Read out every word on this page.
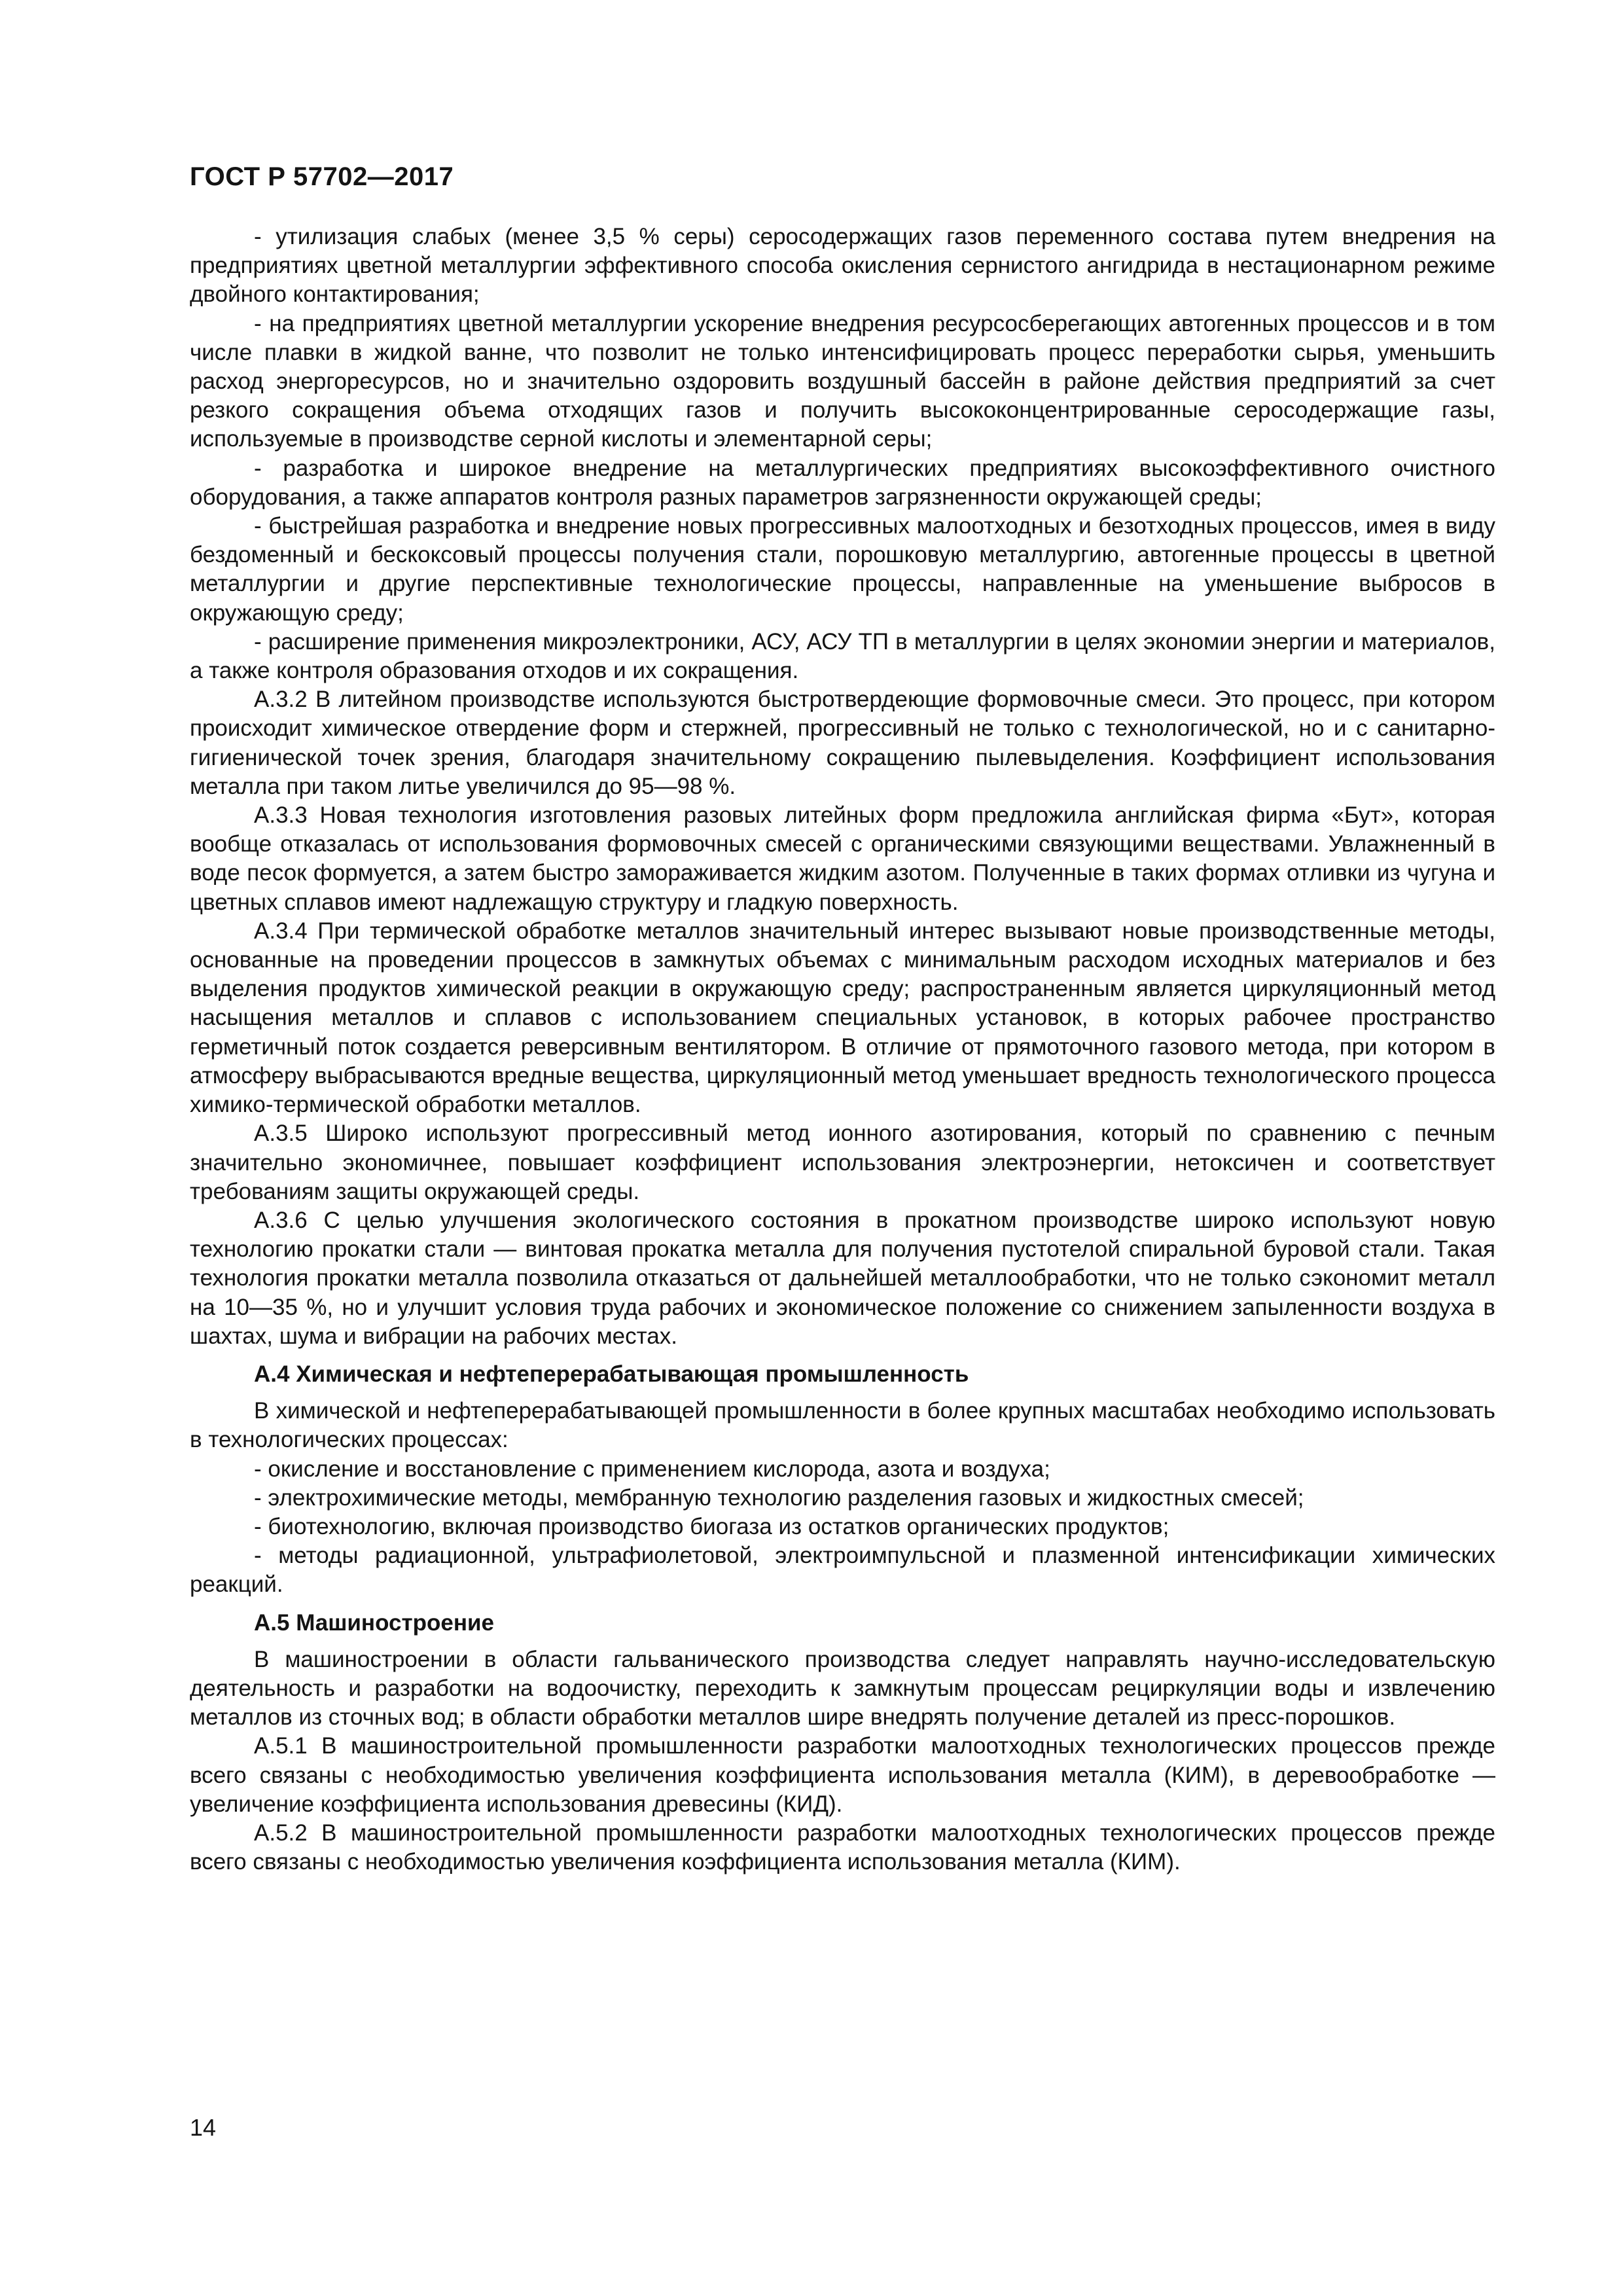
ГОСТ Р 57702—2017

- утилизация слабых (менее 3,5 % серы) серосодержащих газов переменного состава путем внедрения на предприятиях цветной металлургии эффективного способа окисления сернистого ангидрида в нестационарном режиме двойного контактирования;

- на предприятиях цветной металлургии ускорение внедрения ресурсосберегающих автогенных процессов и в том числе плавки в жидкой ванне, что позволит не только интенсифицировать процесс переработки сырья, уменьшить расход энергоресурсов, но и значительно оздоровить воздушный бассейн в районе действия предприятий за счет резкого сокращения объема отходящих газов и получить высококонцентрированные серосодержащие газы, используемые в производстве серной кислоты и элементарной серы;

- разработка и широкое внедрение на металлургических предприятиях высокоэффективного очистного оборудования, а также аппаратов контроля разных параметров загрязненности окружающей среды;

- быстрейшая разработка и внедрение новых прогрессивных малоотходных и безотходных процессов, имея в виду бездоменный и бескоксовый процессы получения стали, порошковую металлургию, автогенные процессы в цветной металлургии и другие перспективные технологические процессы, направленные на уменьшение выбросов в окружающую среду;

- расширение применения микроэлектроники, АСУ, АСУ ТП в металлургии в целях экономии энергии и материалов, а также контроля образования отходов и их сокращения.

А.3.2 В литейном производстве используются быстротвердеющие формовочные смеси. Это процесс, при котором происходит химическое отвердение форм и стержней, прогрессивный не только с технологической, но и с санитарно-гигиенической точек зрения, благодаря значительному сокращению пылевыделения. Коэффициент использования металла при таком литье увеличился до 95—98 %.

А.3.3 Новая технология изготовления разовых литейных форм предложила английская фирма «Бут», которая вообще отказалась от использования формовочных смесей с органическими связующими веществами. Увлажненный в воде песок формуется, а затем быстро замораживается жидким азотом. Полученные в таких формах отливки из чугуна и цветных сплавов имеют надлежащую структуру и гладкую поверхность.

А.3.4 При термической обработке металлов значительный интерес вызывают новые производственные методы, основанные на проведении процессов в замкнутых объемах с минимальным расходом исходных материалов и без выделения продуктов химической реакции в окружающую среду; распространенным является циркуляционный метод насыщения металлов и сплавов с использованием специальных установок, в которых рабочее пространство герметичный поток создается реверсивным вентилятором. В отличие от прямоточного газового метода, при котором в атмосферу выбрасываются вредные вещества, циркуляционный метод уменьшает вредность технологического процесса химико-термической обработки металлов.

А.3.5 Широко используют прогрессивный метод ионного азотирования, который по сравнению с печным значительно экономичнее, повышает коэффициент использования электроэнергии, нетоксичен и соответствует требованиям защиты окружающей среды.

А.3.6 С целью улучшения экологического состояния в прокатном производстве широко используют новую технологию прокатки стали — винтовая прокатка металла для получения пустотелой спиральной буровой стали. Такая технология прокатки металла позволила отказаться от дальнейшей металлообработки, что не только сэкономит металл на 10—35 %, но и улучшит условия труда рабочих и экономическое положение со снижением запыленности воздуха в шахтах, шума и вибрации на рабочих местах.

А.4 Химическая и нефтеперерабатывающая промышленность

В химической и нефтеперерабатывающей промышленности в более крупных масштабах необходимо использовать в технологических процессах:

- окисление и восстановление с применением кислорода, азота и воздуха;

- электрохимические методы, мембранную технологию разделения газовых и жидкостных смесей;

- биотехнологию, включая производство биогаза из остатков органических продуктов;

- методы радиационной, ультрафиолетовой, электроимпульсной и плазменной интенсификации химических реакций.

А.5 Машиностроение

В машиностроении в области гальванического производства следует направлять научно-исследовательскую деятельность и разработки на водоочистку, переходить к замкнутым процессам рециркуляции воды и извлечению металлов из сточных вод; в области обработки металлов шире внедрять получение деталей из пресс-порошков.

А.5.1 В машиностроительной промышленности разработки малоотходных технологических процессов прежде всего связаны с необходимостью увеличения коэффициента использования металла (КИМ), в деревообработке — увеличение коэффициента использования древесины (КИД).

А.5.2 В машиностроительной промышленности разработки малоотходных технологических процессов прежде всего связаны с необходимостью увеличения коэффициента использования металла (КИМ).

14
